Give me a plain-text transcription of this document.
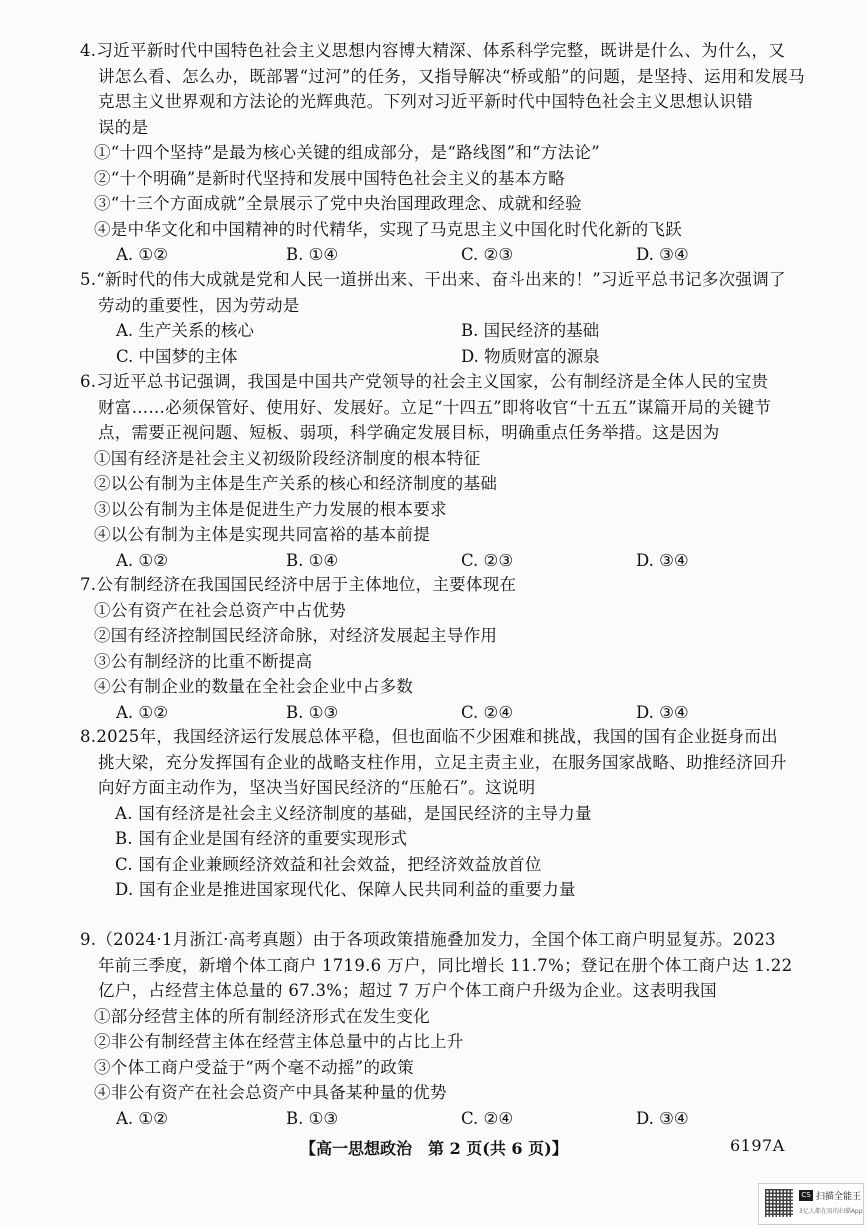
4.习近平新时代中国特色社会主义思想内容博大精深、体系科学完整，既讲是什么、为什么，又
讲怎么看、怎么办，既部署“过河”的任务，又指导解决“桥或船”的问题，是坚持、运用和发展马
克思主义世界观和方法论的光辉典范。下列对习近平新时代中国特色社会主义思想认识错
误的是
①“十四个坚持”是最为核心关键的组成部分，是“路线图”和“方法论”
②“十个明确”是新时代坚持和发展中国特色社会主义的基本方略
③“十三个方面成就”全景展示了党中央治国理政理念、成就和经验
④是中华文化和中国精神的时代精华，实现了马克思主义中国化时代化新的飞跃
A. ①②	B. ①④	C. ②③	D. ③④
5.“新时代的伟大成就是党和人民一道拼出来、干出来、奋斗出来的！”习近平总书记多次强调了
劳动的重要性，因为劳动是
A. 生产关系的核心	B. 国民经济的基础
C. 中国梦的主体	D. 物质财富的源泉
6.习近平总书记强调，我国是中国共产党领导的社会主义国家，公有制经济是全体人民的宝贵
财富……必须保管好、使用好、发展好。立足“十四五”即将收官“十五五”谋篇开局的关键节
点，需要正视问题、短板、弱项，科学确定发展目标，明确重点任务举措。这是因为
①国有经济是社会主义初级阶段经济制度的根本特征
②以公有制为主体是生产关系的核心和经济制度的基础
③以公有制为主体是促进生产力发展的根本要求
④以公有制为主体是实现共同富裕的基本前提
A. ①②	B. ①④	C. ②③	D. ③④
7.公有制经济在我国国民经济中居于主体地位，主要体现在
①公有资产在社会总资产中占优势
②国有经济控制国民经济命脉，对经济发展起主导作用
③公有制经济的比重不断提高
④公有制企业的数量在全社会企业中占多数
A. ①②	B. ①③	C. ②④	D. ③④
8.2025年，我国经济运行发展总体平稳，但也面临不少困难和挑战，我国的国有企业挺身而出
挑大梁，充分发挥国有企业的战略支柱作用，立足主责主业，在服务国家战略、助推经济回升
向好方面主动作为，坚决当好国民经济的“压舱石”。这说明
A. 国有经济是社会主义经济制度的基础，是国民经济的主导力量
B. 国有企业是国有经济的重要实现形式
C. 国有企业兼顾经济效益和社会效益，把经济效益放首位
D. 国有企业是推进国家现代化、保障人民共同利益的重要力量
9.（2024·1月浙江·高考真题）由于各项政策措施叠加发力，全国个体工商户明显复苏。2023
年前三季度，新增个体工商户 1719.6 万户，同比增长 11.7%；登记在册个体工商户达 1.22
亿户，占经营主体总量的 67.3%；超过 7 万户个体工商户升级为企业。这表明我国
①部分经营主体的所有制经济形式在发生变化
②非公有制经营主体在经营主体总量中的占比上升
③个体工商户受益于“两个毫不动摇”的政策
④非公有资产在社会总资产中具备某种量的优势
A. ①②	B. ①③	C. ②④	D. ③④
【高一思想政治　第 2 页(共 6 页)】	6197A
CS 扫描全能王
3亿人都在用的扫描App
